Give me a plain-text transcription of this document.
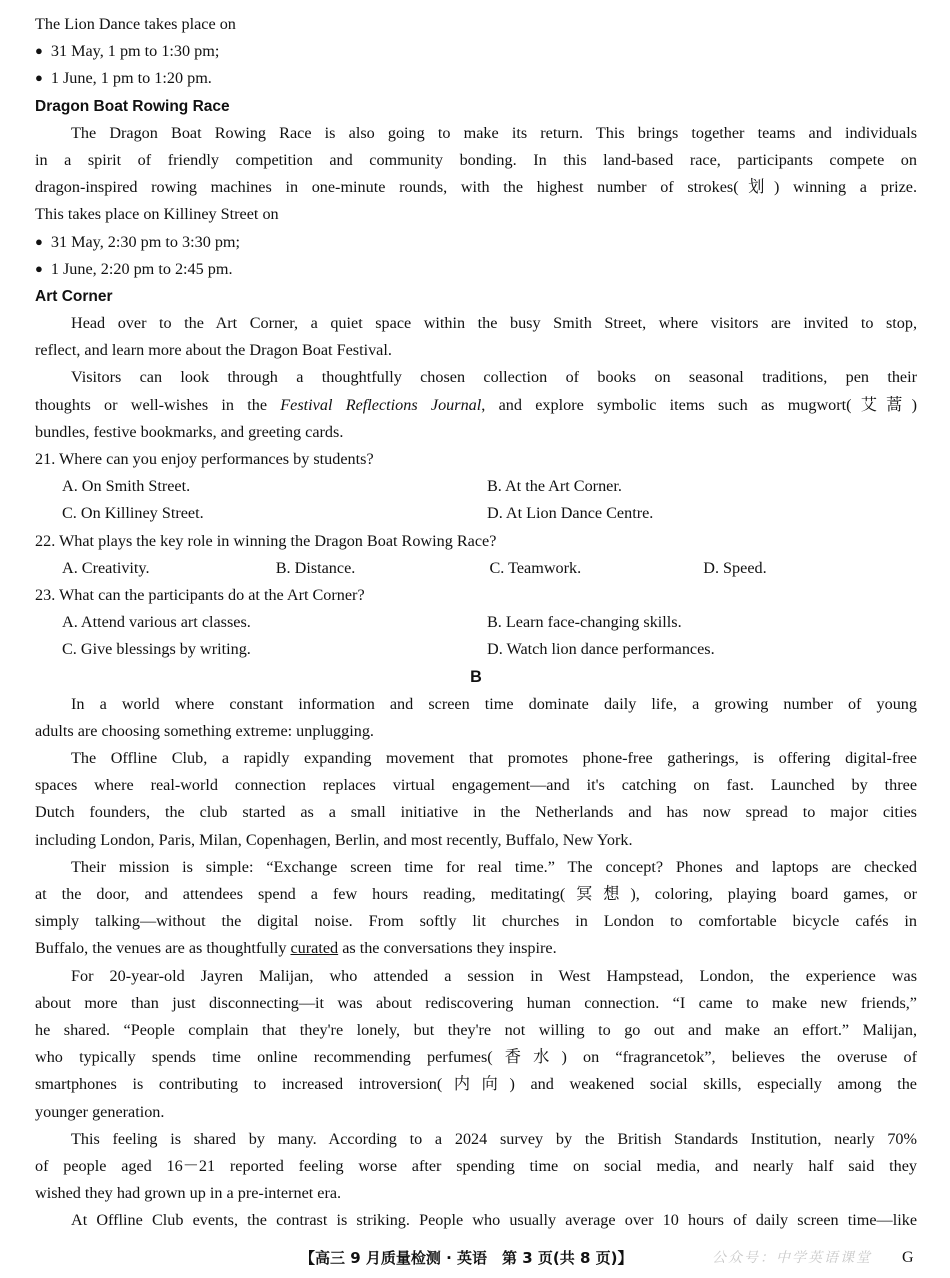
The Lion Dance takes place on
● 31 May, 1 pm to 1:30 pm;
● 1 June, 1 pm to 1:20 pm.
Dragon Boat Rowing Race
The Dragon Boat Rowing Race is also going to make its return. This brings together teams and individuals
in a spirit of friendly competition and community bonding. In this land-based race, participants compete on
dragon-inspired rowing machines in one-minute rounds, with the highest number of strokes(划) winning a prize.
This takes place on Killiney Street on
● 31 May, 2:30 pm to 3:30 pm;
● 1 June, 2:20 pm to 2:45 pm.
Art Corner
Head over to the Art Corner, a quiet space within the busy Smith Street, where visitors are invited to stop,
reflect, and learn more about the Dragon Boat Festival.
Visitors can look through a thoughtfully chosen collection of books on seasonal traditions, pen their
thoughts or well-wishes in the Festival Reflections Journal, and explore symbolic items such as mugwort(艾蒿)
bundles, festive bookmarks, and greeting cards.
21. Where can you enjoy performances by students?
A. On Smith Street.	B. At the Art Corner.
C. On Killiney Street.	D. At Lion Dance Centre.
22. What plays the key role in winning the Dragon Boat Rowing Race?
A. Creativity.	B. Distance.	C. Teamwork.	D. Speed.
23. What can the participants do at the Art Corner?
A. Attend various art classes.	B. Learn face-changing skills.
C. Give blessings by writing.	D. Watch lion dance performances.
B
In a world where constant information and screen time dominate daily life, a growing number of young
adults are choosing something extreme: unplugging.
The Offline Club, a rapidly expanding movement that promotes phone-free gatherings, is offering digital-free
spaces where real-world connection replaces virtual engagement—and it's catching on fast. Launched by three
Dutch founders, the club started as a small initiative in the Netherlands and has now spread to major cities
including London, Paris, Milan, Copenhagen, Berlin, and most recently, Buffalo, New York.
Their mission is simple: “Exchange screen time for real time.” The concept? Phones and laptops are checked
at the door, and attendees spend a few hours reading, meditating(冥想), coloring, playing board games, or
simply talking—without the digital noise. From softly lit churches in London to comfortable bicycle cafés in
Buffalo, the venues are as thoughtfully curated as the conversations they inspire.
For 20-year-old Jayren Malijan, who attended a session in West Hampstead, London, the experience was
about more than just disconnecting—it was about rediscovering human connection. “I came to make new friends,”
he shared. “People complain that they're lonely, but they're not willing to go out and make an effort.” Malijan,
who typically spends time online recommending perfumes(香水) on “fragrancetok”, believes the overuse of
smartphones is contributing to increased introversion(内向) and weakened social skills, especially among the
younger generation.
This feeling is shared by many. According to a 2024 survey by the British Standards Institution, nearly 70%
of people aged 16－21 reported feeling worse after spending time on social media, and nearly half said they
wished they had grown up in a pre-internet era.
At Offline Club events, the contrast is striking. People who usually average over 10 hours of daily screen time—like
【高三 9 月质量检测 · 英语　第 3 页(共 8 页)】	公众号：中学英语课堂 G
